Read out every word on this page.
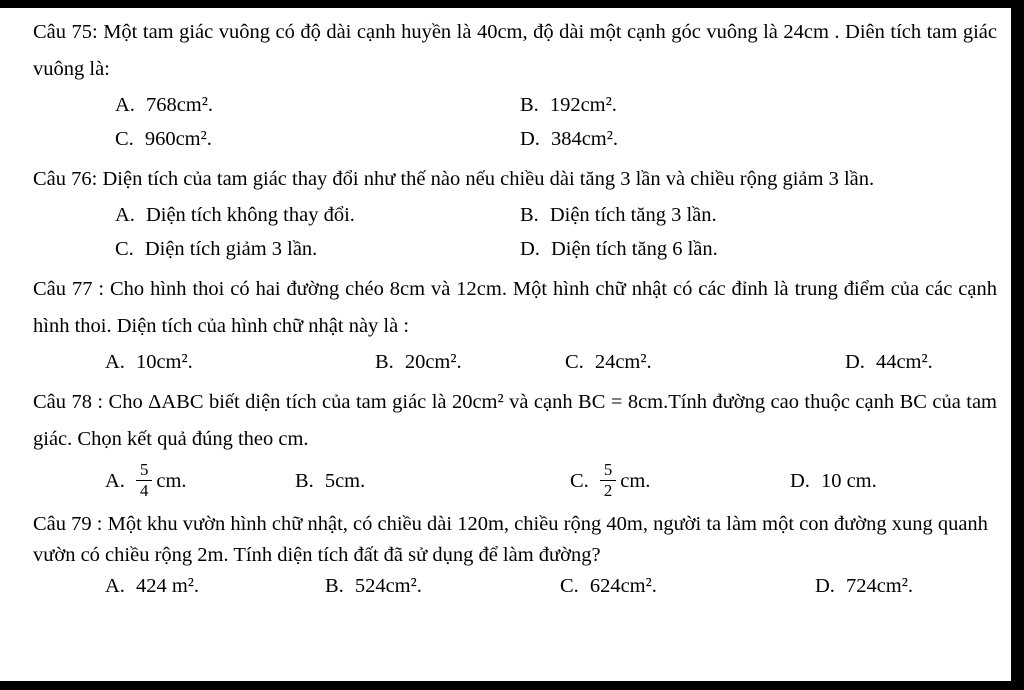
Câu 75: Một tam giác vuông có độ dài cạnh huyền là 40cm, độ dài một cạnh góc vuông là 24cm . Diên tích tam giác vuông là:
A. 768cm².	B. 192cm².
C. 960cm².	D. 384cm².
Câu 76: Diện tích của tam giác thay đổi như thế nào nếu chiều dài tăng 3 lần và chiều rộng giảm 3 lần.
A. Diện tích không thay đổi.	B. Diện tích tăng 3 lần.
C. Diện tích giảm 3 lần.	D. Diện tích tăng 6 lần.
Câu 77 : Cho hình thoi có hai đường chéo 8cm và 12cm. Một hình chữ nhật có các đỉnh là trung điểm của các cạnh hình thoi. Diện tích của hình chữ nhật này là :
A. 10cm².	B. 20cm².	C. 24cm².	D. 44cm².
Câu 78 : Cho ΔABC biết diện tích của tam giác là 20cm² và cạnh BC = 8cm.Tính đường cao thuộc cạnh BC của tam giác. Chọn kết quả đúng theo cm.
A. $\frac{5}{4}$ cm.	B. 5cm.	C. $\frac{5}{2}$ cm.	D. 10 cm.
Câu 79 : Một khu vườn hình chữ nhật, có chiều dài 120m, chiều rộng 40m, người ta làm một con đường xung quanh vườn có chiều rộng 2m. Tính diện tích đất đã sử dụng để làm đường?
A. 424 m².	B. 524cm².	C. 624cm².	D. 724cm².
